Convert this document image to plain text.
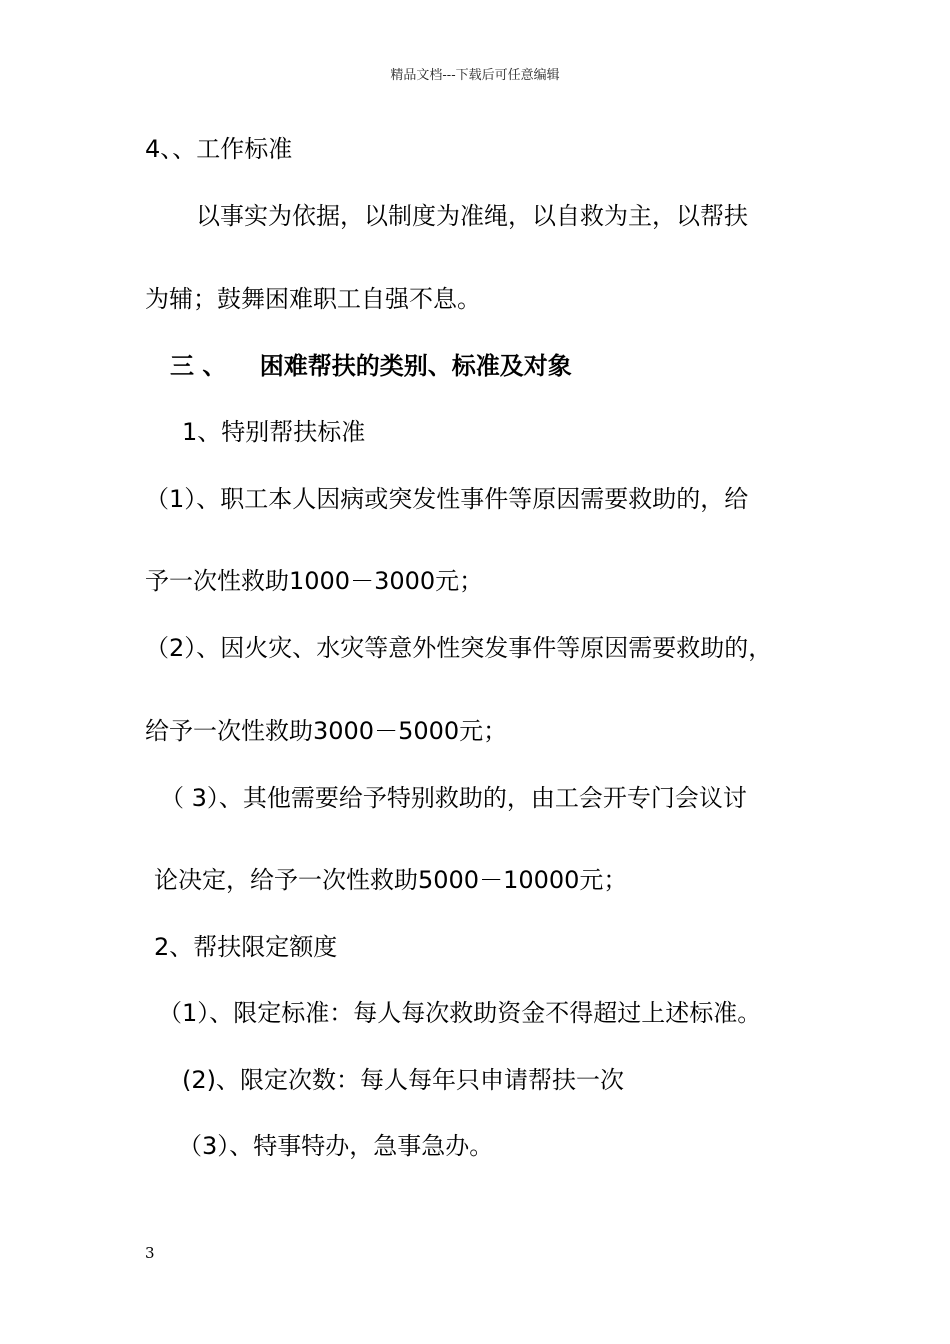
精品文档---下载后可任意编辑
4、、工作标准
以事实为依据，以制度为准绳，以自救为主，以帮扶
为辅；鼓舞困难职工自强不息。
三 、    困难帮扶的类别、标准及对象
1、特别帮扶标准
（1）、职工本人因病或突发性事件等原因需要救助的，给
予一次性救助1000－3000元；
（2）、因火灾、水灾等意外性突发事件等原因需要救助的，
给予一次性救助3000－5000元；
（ 3）、其他需要给予特别救助的，由工会开专门会议讨
论决定，给予一次性救助5000－10000元；
2、帮扶限定额度
（1）、限定标准：每人每次救助资金不得超过上述标准。
(2)、限定次数：每人每年只申请帮扶一次
（3）、特事特办，急事急办。
3
